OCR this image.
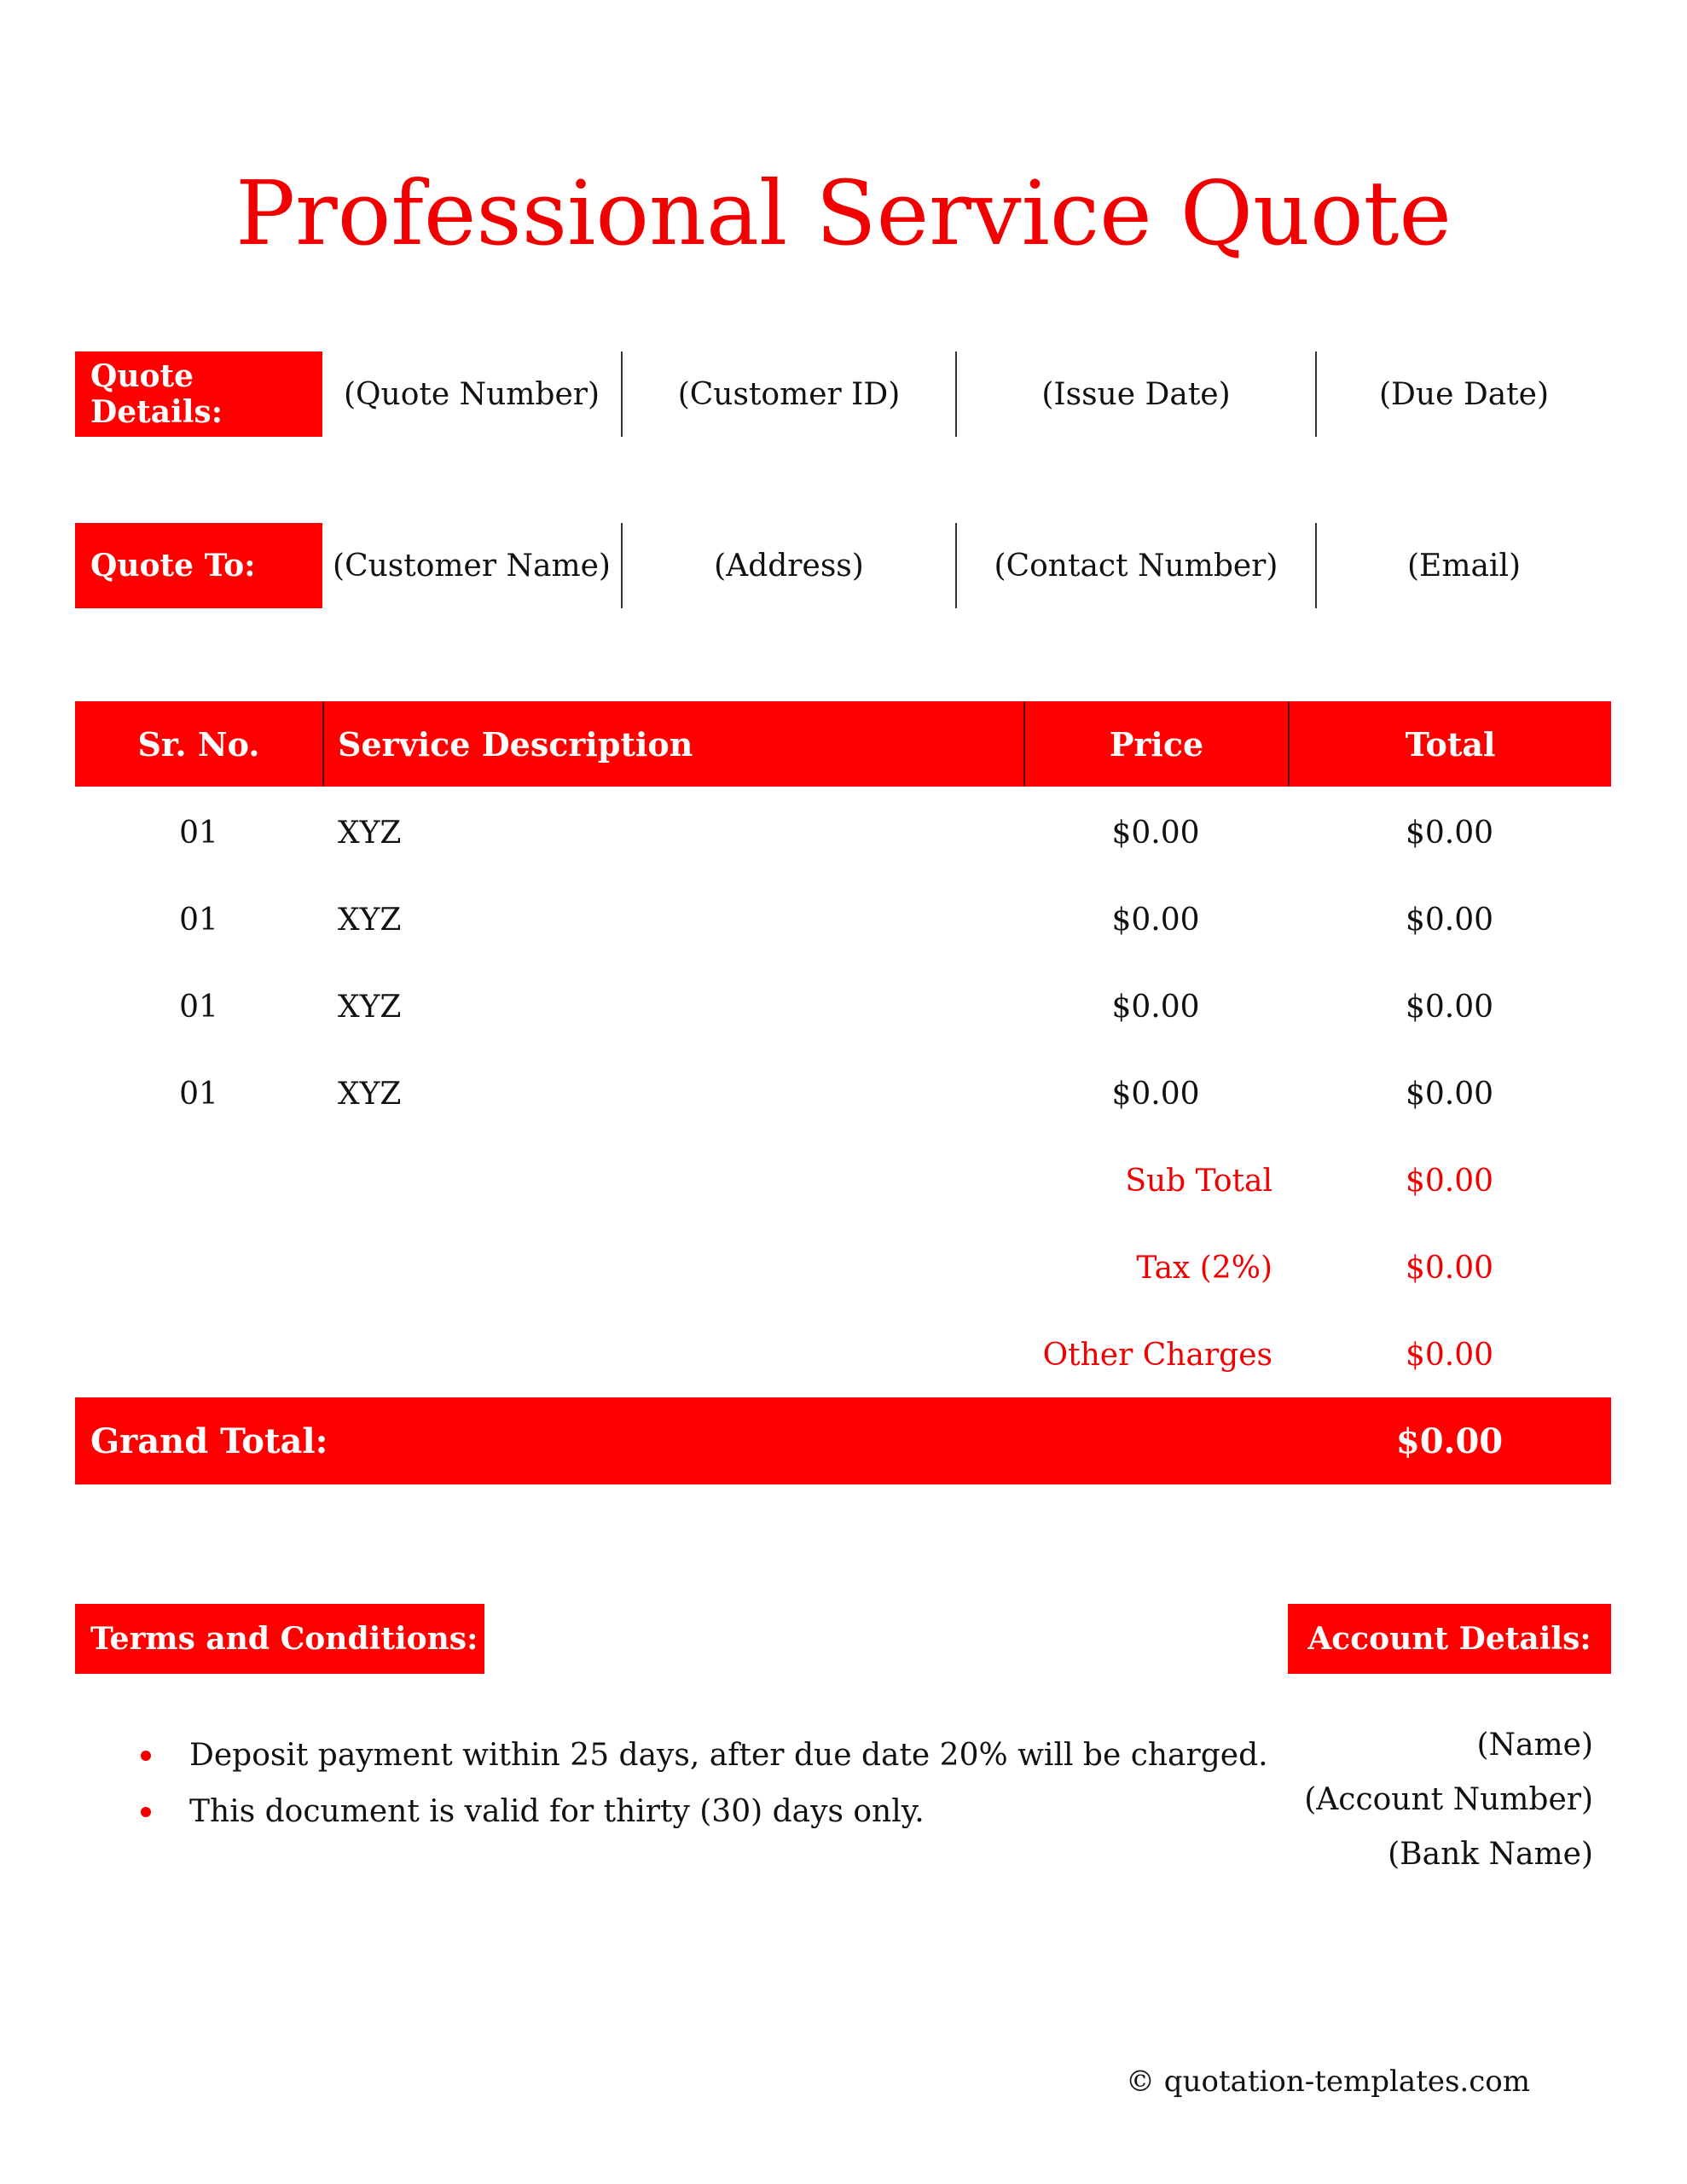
Professional Service Quote
Quote Details:	(Quote Number)	(Customer ID)	(Issue Date)	(Due Date)
Quote To:	(Customer Name)	(Address)	(Contact Number)	(Email)
Sr. No.	Service Description	Price	Total
01	XYZ	$0.00	$0.00
01	XYZ	$0.00	$0.00
01	XYZ	$0.00	$0.00
01	XYZ	$0.00	$0.00
Sub Total	$0.00
Tax (2%)	$0.00
Other Charges	$0.00
Grand Total:	$0.00
Terms and Conditions:	Account Details:
Deposit payment within 25 days, after due date 20% will be charged.
This document is valid for thirty (30) days only.
(Name)
(Account Number)
(Bank Name)
© quotation-templates.com
